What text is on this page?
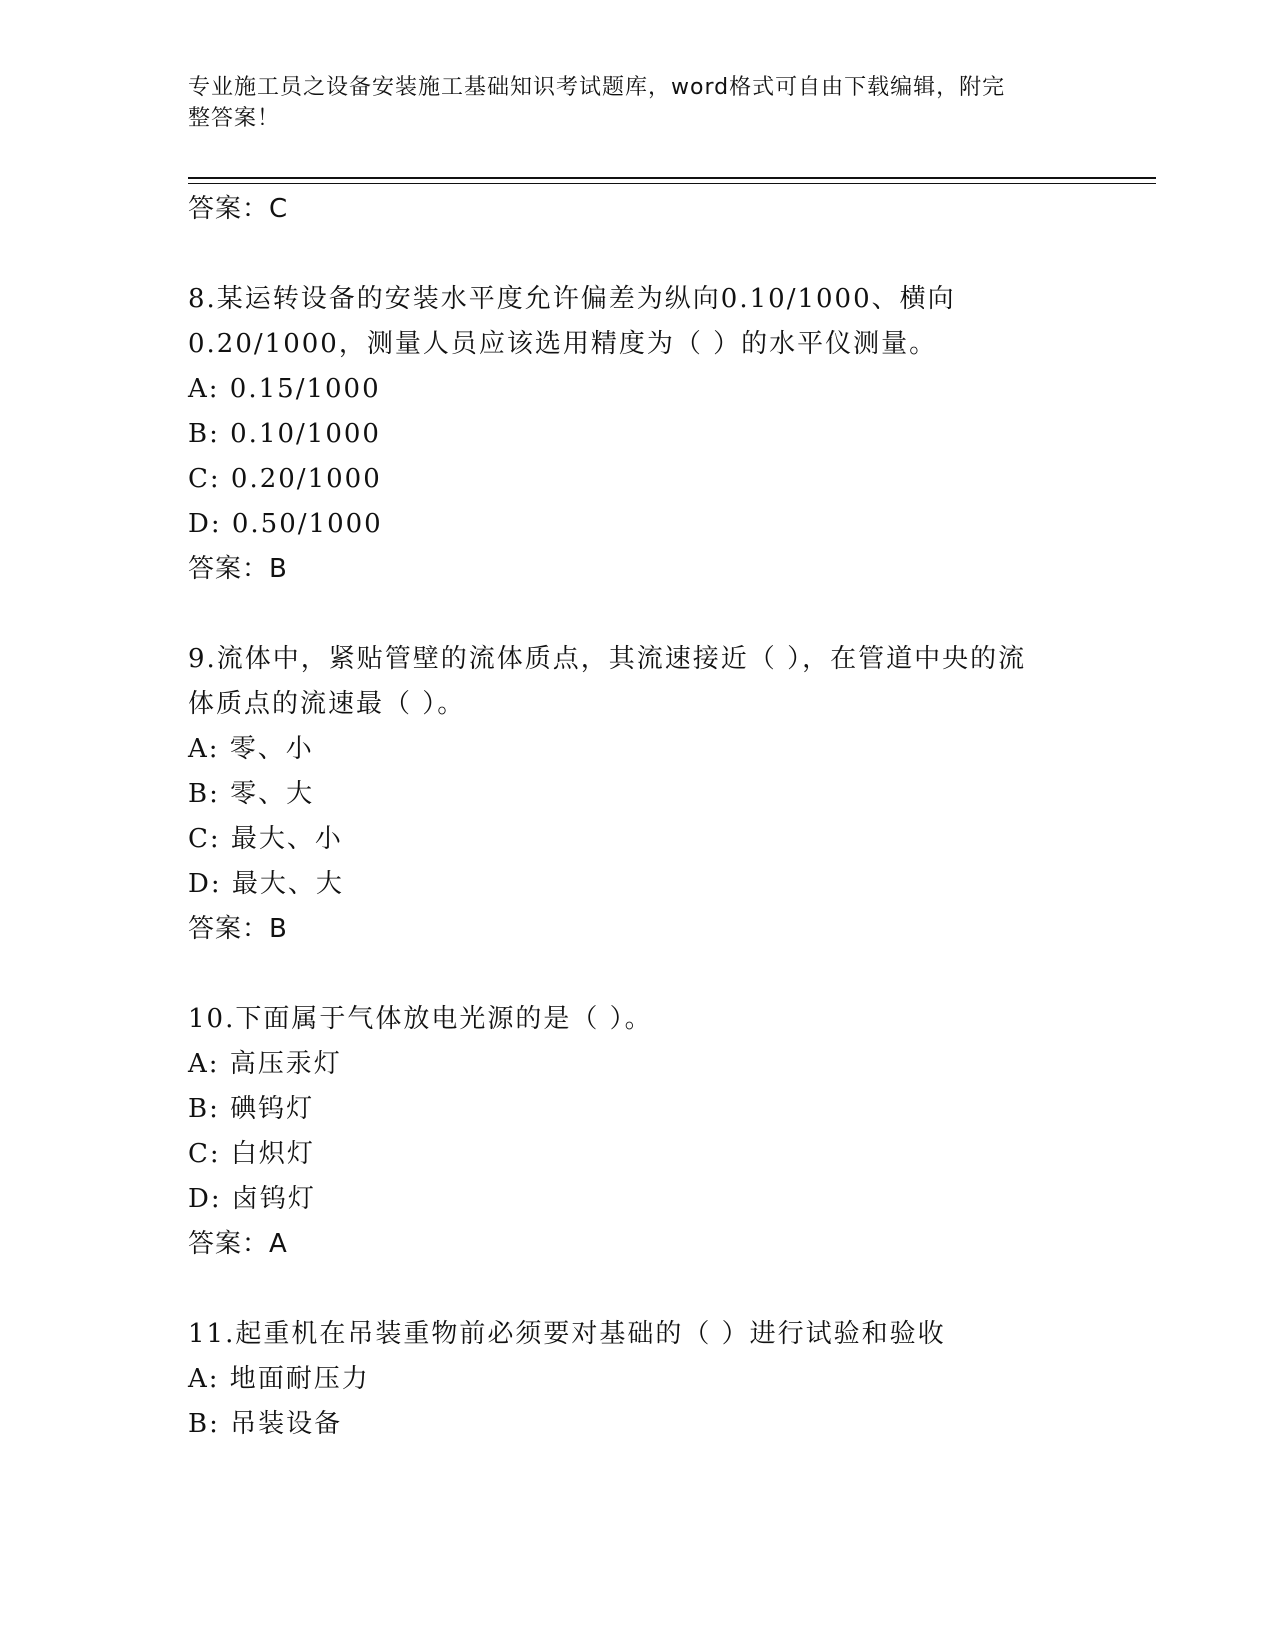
专业施工员之设备安装施工基础知识考试题库，word格式可自由下载编辑，附完
整答案！
答案：C
8.某运转设备的安装水平度允许偏差为纵向0.10/1000、横向
0.20/1000，测量人员应该选用精度为（ ）的水平仪测量。
A: 0.15/1000
B: 0.10/1000
C: 0.20/1000
D: 0.50/1000
答案：B
9.流体中，紧贴管壁的流体质点，其流速接近（ ），在管道中央的流
体质点的流速最（ ）。
A: 零、小
B: 零、大
C: 最大、小
D: 最大、大
答案：B
10.下面属于气体放电光源的是（ ）。
A: 高压汞灯
B: 碘钨灯
C: 白炽灯
D: 卤钨灯
答案：A
11.起重机在吊装重物前必须要对基础的（ ）进行试验和验收
A: 地面耐压力
B: 吊装设备
